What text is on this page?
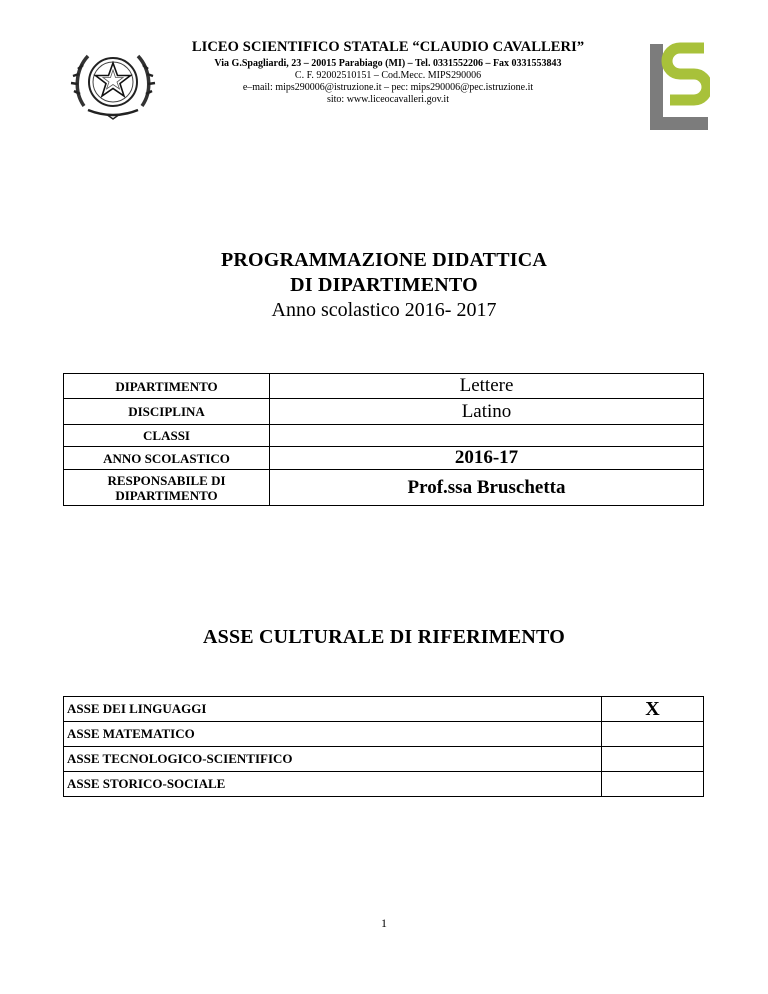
LICEO SCIENTIFICO STATALE “CLAUDIO CAVALLERI”
Via G.Spagliardi, 23 – 20015 Parabiago (MI) – Tel. 0331552206 – Fax 0331553843
C. F. 92002510151 – Cod.Mecc. MIPS290006
e–mail: mips290006@istruzione.it – pec: mips290006@pec.istruzione.it
sito: www.liceocavalleri.gov.it
PROGRAMMAZIONE DIDATTICA
DI DIPARTIMENTO
Anno scolastico 2016- 2017
DIPARTIMENTO	Lettere
DISCIPLINA	Latino
CLASSI	
ANNO SCOLASTICO	2016-17
RESPONSABILE DI DIPARTIMENTO	Prof.ssa Bruschetta
ASSE CULTURALE DI RIFERIMENTO
ASSE DEI LINGUAGGI	X
ASSE MATEMATICO	
ASSE TECNOLOGICO-SCIENTIFICO	
ASSE STORICO-SOCIALE	
1
